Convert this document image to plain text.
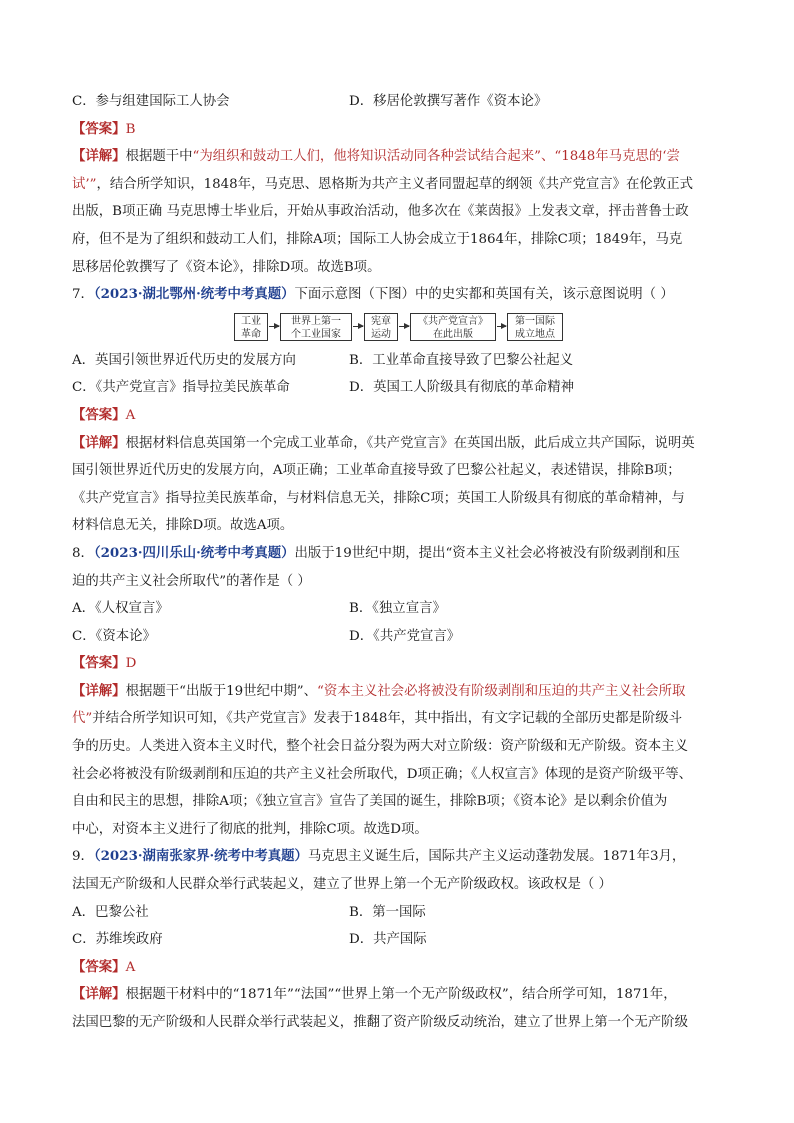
C．参与组建国际工人协会	D．移居伦敦撰写著作《资本论》
【答案】B
【详解】根据题干中“为组织和鼓动工人们，他将知识活动同各种尝试结合起来”、“1848年马克思的‘尝
试’”，结合所学知识，1848年，马克思、恩格斯为共产主义者同盟起草的纲领《共产党宣言》在伦敦正式
出版，B项正确 马克思博士毕业后，开始从事政治活动，他多次在《莱茵报》上发表文章，抨击普鲁士政
府，但不是为了组织和鼓动工人们，排除A项；国际工人协会成立于1864年，排除C项；1849年，马克
思移居伦敦撰写了《资本论》，排除D项。故选B项。
7．（2023·湖北鄂州·统考中考真题）下面示意图（下图）中的史实都和英国有关，该示意图说明（ ）
工业
革命
世界上第一
个工业国家
宪章
运动
《共产党宣言》
在此出版
第一国际
成立地点
A．英国引领世界近代历史的发展方向	B．工业革命直接导致了巴黎公社起义
C．《共产党宣言》指导拉美民族革命	D．英国工人阶级具有彻底的革命精神
【答案】A
【详解】根据材料信息英国第一个完成工业革命，《共产党宣言》在英国出版，此后成立共产国际，说明英
国引领世界近代历史的发展方向，A项正确；工业革命直接导致了巴黎公社起义，表述错误，排除B项；
《共产党宣言》指导拉美民族革命，与材料信息无关，排除C项；英国工人阶级具有彻底的革命精神，与
材料信息无关，排除D项。故选A项。
8．（2023·四川乐山·统考中考真题）出版于19世纪中期，提出“资本主义社会必将被没有阶级剥削和压
迫的共产主义社会所取代”的著作是（ ）
A．《人权宣言》	B．《独立宣言》
C．《资本论》	D．《共产党宣言》
【答案】D
【详解】根据题干“出版于19世纪中期”、“资本主义社会必将被没有阶级剥削和压迫的共产主义社会所取
代”并结合所学知识可知，《共产党宣言》发表于1848年，其中指出，有文字记载的全部历史都是阶级斗
争的历史。人类进入资本主义时代，整个社会日益分裂为两大对立阶级：资产阶级和无产阶级。资本主义
社会必将被没有阶级剥削和压迫的共产主义社会所取代，D项正确；《人权宣言》体现的是资产阶级平等、
自由和民主的思想，排除A项；《独立宣言》宣告了美国的诞生，排除B项；《资本论》是以剩余价值为
中心，对资本主义进行了彻底的批判，排除C项。故选D项。
9．（2023·湖南张家界·统考中考真题）马克思主义诞生后，国际共产主义运动蓬勃发展。1871年3月，
法国无产阶级和人民群众举行武装起义，建立了世界上第一个无产阶级政权。该政权是（ ）
A．巴黎公社	B．第一国际
C．苏维埃政府	D．共产国际
【答案】A
【详解】根据题干材料中的“1871年”“法国”“世界上第一个无产阶级政权”，结合所学可知，1871年，
法国巴黎的无产阶级和人民群众举行武装起义，推翻了资产阶级反动统治，建立了世界上第一个无产阶级
